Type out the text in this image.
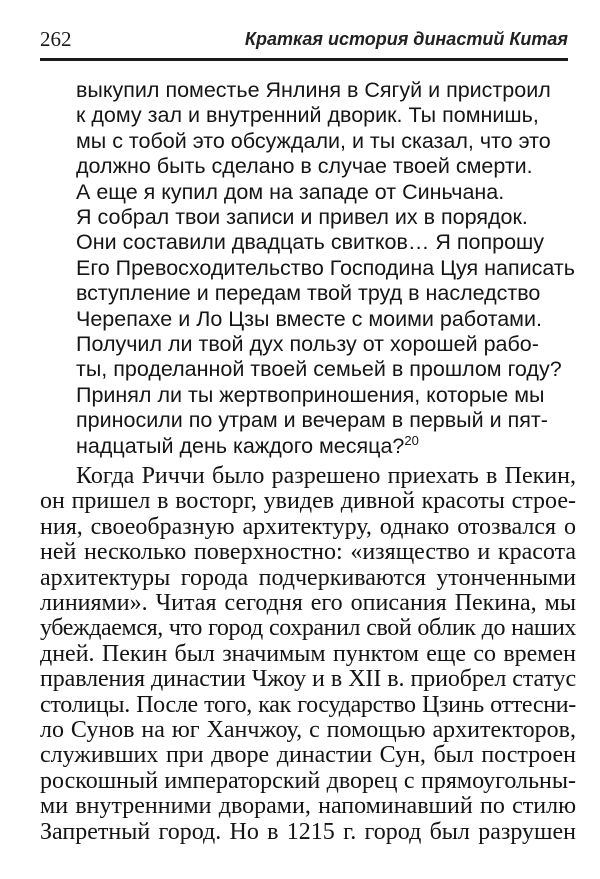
262	Краткая история династий Китая
выкупил поместье Янлиня в Сягуй и пристроил
к дому зал и внутренний дворик. Ты помнишь,
мы с тобой это обсуждали, и ты сказал, что это
должно быть сделано в случае твоей смерти.
А еще я купил дом на западе от Синьчана.
Я собрал твои записи и привел их в порядок.
Они составили двадцать свитков… Я попрошу
Его Превосходительство Господина Цуя написать
вступление и передам твой труд в наследство
Черепахе и Ло Цзы вместе с моими работами.
Получил ли твой дух пользу от хорошей рабо-
ты, проделанной твоей семьей в прошлом году?
Принял ли ты жертвоприношения, которые мы
приносили по утрам и вечерам в первый и пят-
надцатый день каждого месяца?$^{20}$
Когда Риччи было разрешено приехать в Пекин,
он пришел в восторг, увидев дивной красоты строе-
ния, своеобразную архитектуру, однако отозвался о
ней несколько поверхностно: «изящество и красота
архитектуры города подчеркиваются утонченными
линиями». Читая сегодня его описания Пекина, мы
убеждаемся, что город сохранил свой облик до наших
дней. Пекин был значимым пунктом еще со времен
правления династии Чжоу и в XII в. приобрел статус
столицы. После того, как государство Цзинь оттесни-
ло Сунов на юг Ханчжоу, с помощью архитекторов,
служивших при дворе династии Сун, был построен
роскошный императорский дворец с прямоугольны-
ми внутренними дворами, напоминавший по стилю
Запретный город. Но в 1215 г. город был разрушен
